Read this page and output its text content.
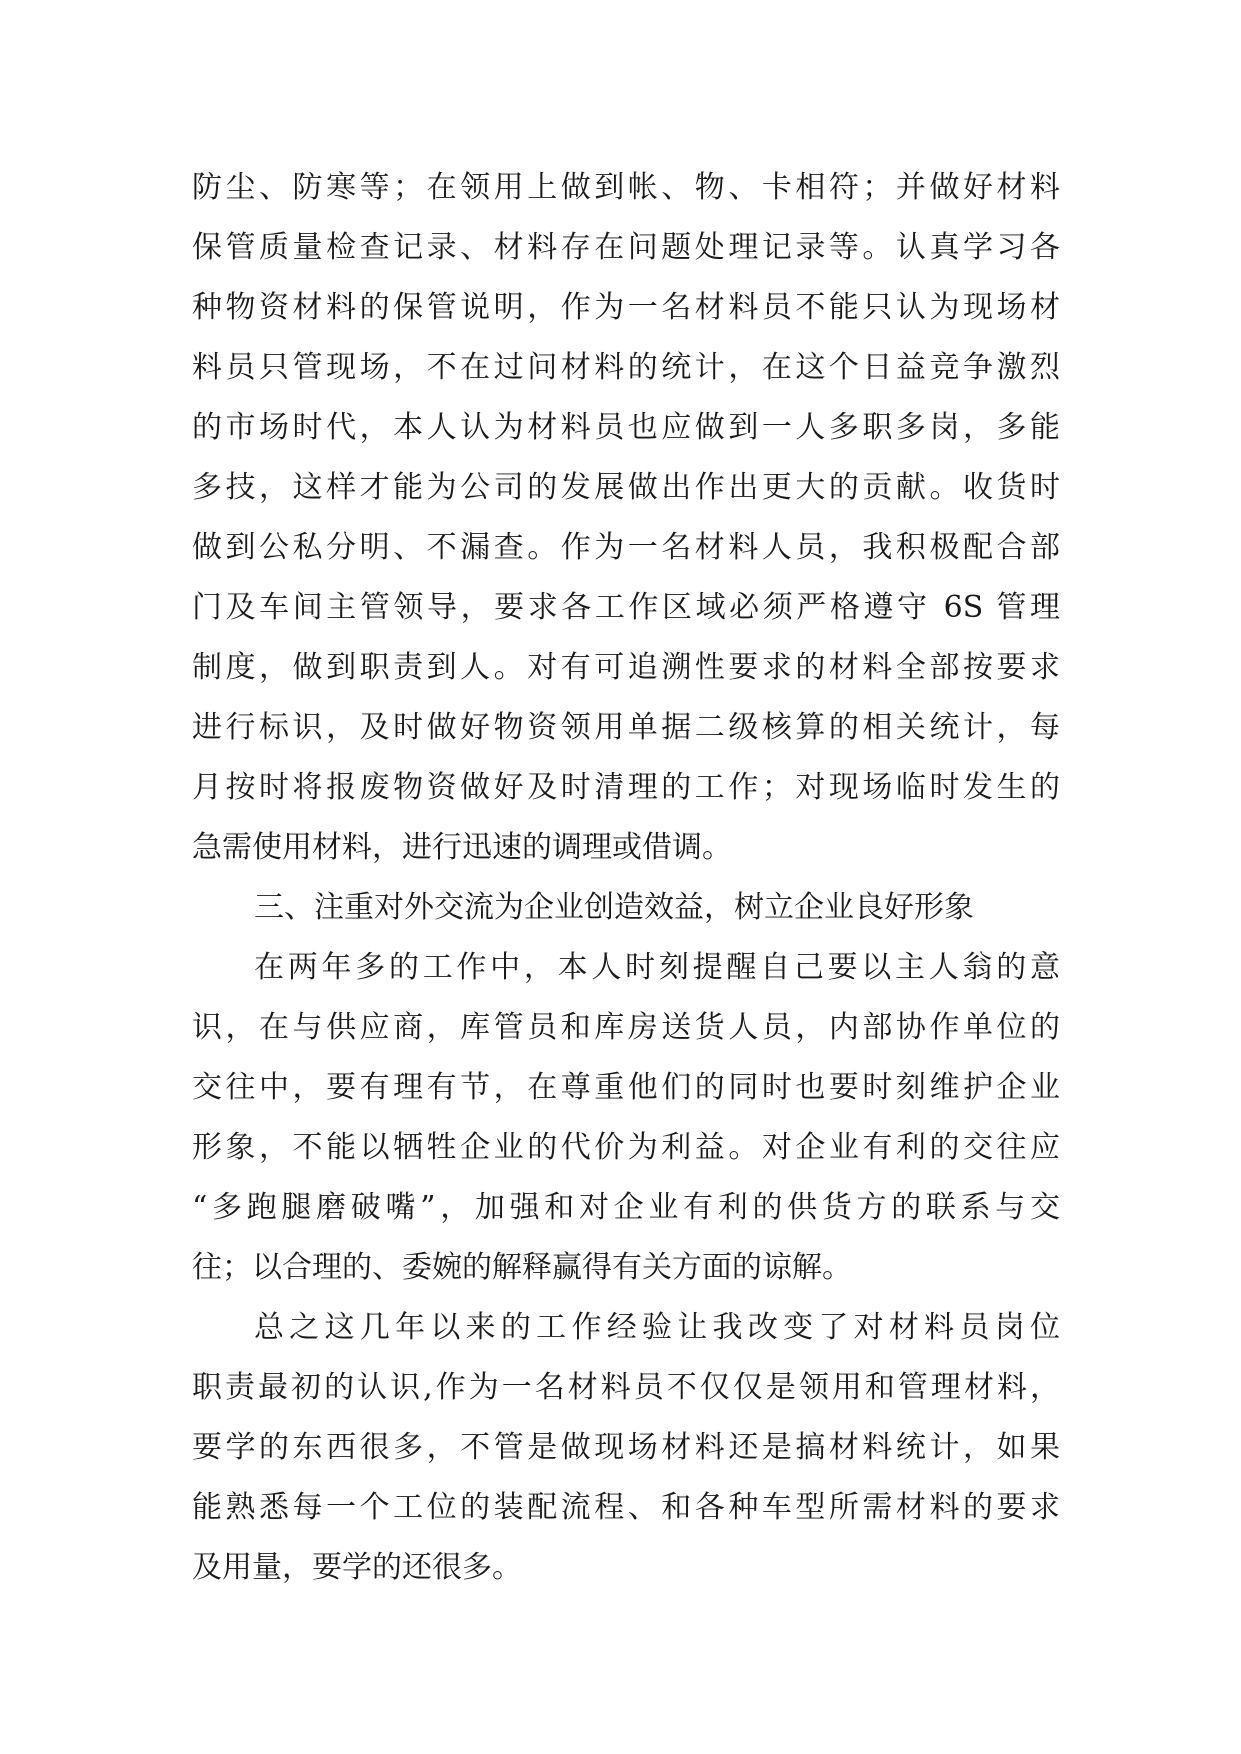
防尘、防寒等；在领用上做到帐、物、卡相符；并做好材料
保管质量检查记录、材料存在问题处理记录等。认真学习各
种物资材料的保管说明，作为一名材料员不能只认为现场材
料员只管现场，不在过问材料的统计，在这个日益竞争激烈
的市场时代，本人认为材料员也应做到一人多职多岗，多能
多技，这样才能为公司的发展做出作出更大的贡献。收货时
做到公私分明、不漏查。作为一名材料人员，我积极配合部
门及车间主管领导，要求各工作区域必须严格遵守 6S 管理
制度，做到职责到人。对有可追溯性要求的材料全部按要求
进行标识，及时做好物资领用单据二级核算的相关统计，每
月按时将报废物资做好及时清理的工作；对现场临时发生的
急需使用材料，进行迅速的调理或借调。
三、注重对外交流为企业创造效益，树立企业良好形象
在两年多的工作中，本人时刻提醒自己要以主人翁的意
识，在与供应商，库管员和库房送货人员，内部协作单位的
交往中，要有理有节，在尊重他们的同时也要时刻维护企业
形象，不能以牺牲企业的代价为利益。对企业有利的交往应
“多跑腿磨破嘴”，加强和对企业有利的供货方的联系与交
往；以合理的、委婉的解释赢得有关方面的谅解。
总之这几年以来的工作经验让我改变了对材料员岗位
职责最初的认识,作为一名材料员不仅仅是领用和管理材料，
要学的东西很多，不管是做现场材料还是搞材料统计，如果
能熟悉每一个工位的装配流程、和各种车型所需材料的要求
及用量，要学的还很多。
